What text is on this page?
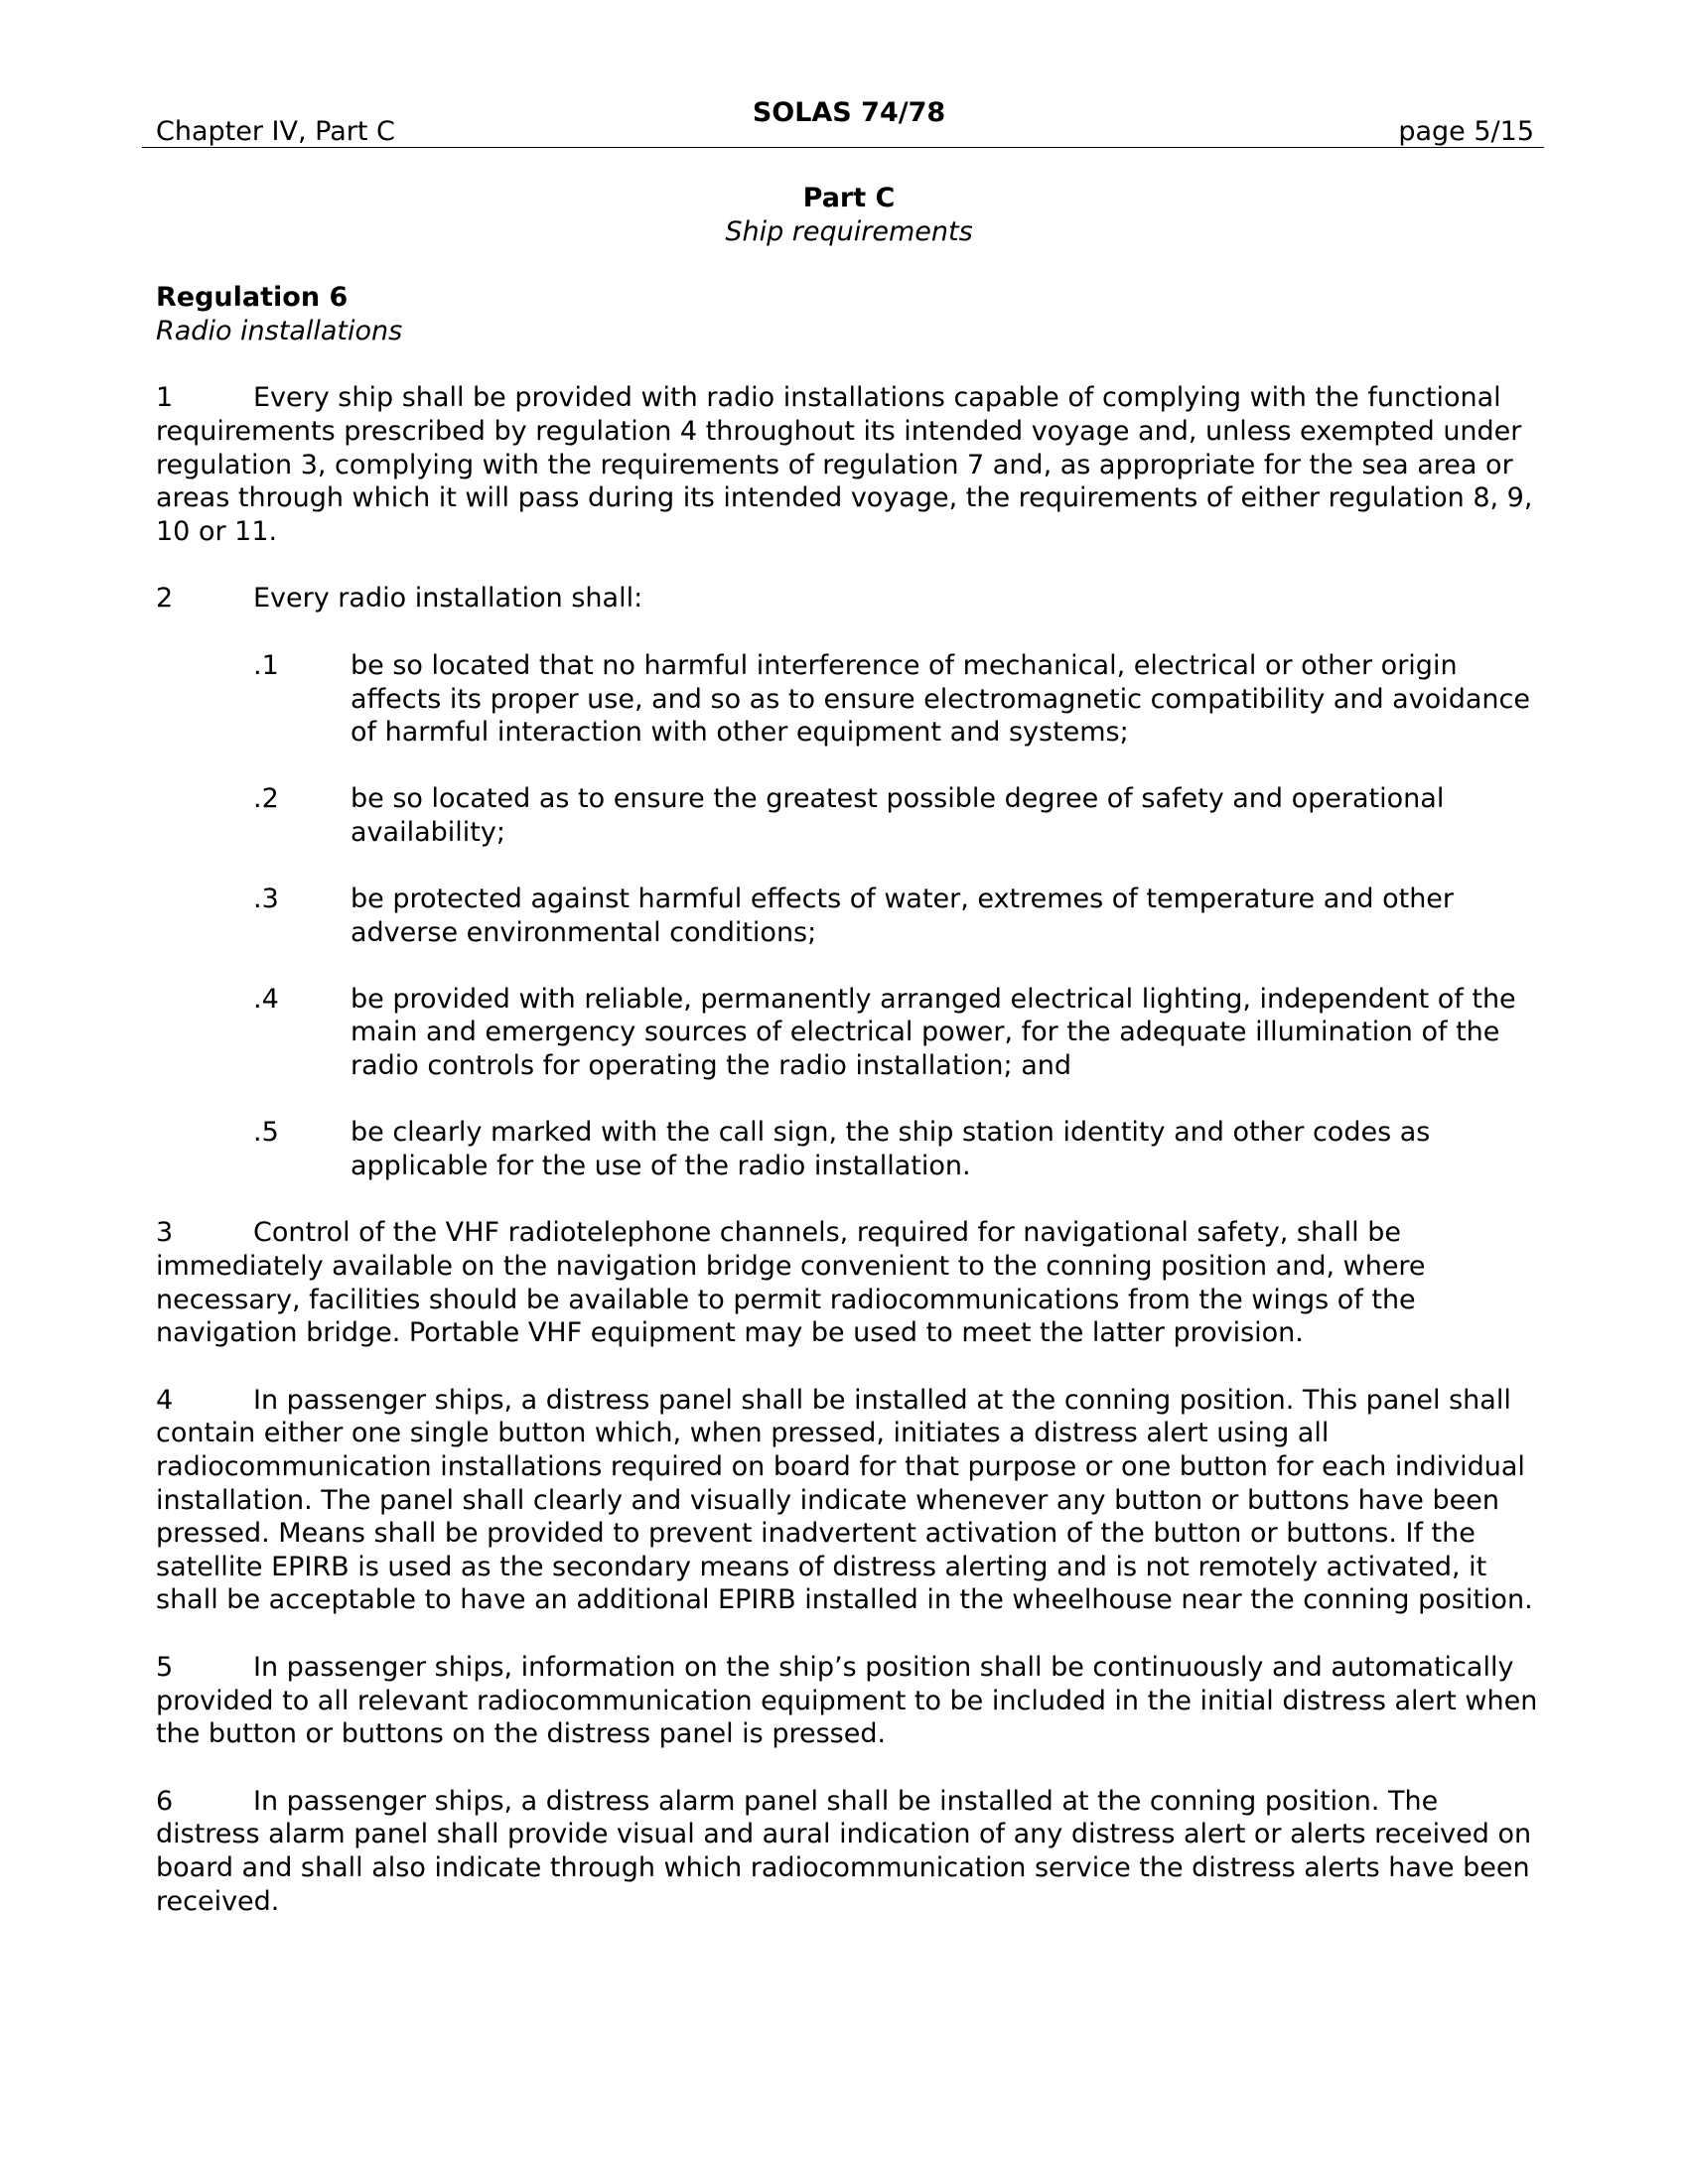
Chapter IV, Part C
SOLAS 74/78
page 5/15
Part C
Ship requirements
Regulation 6
Radio installations
1	Every ship shall be provided with radio installations capable of complying with the functional requirements prescribed by regulation 4 throughout its intended voyage and, unless exempted under regulation 3, complying with the requirements of regulation 7 and, as appropriate for the sea area or areas through which it will pass during its intended voyage, the requirements of either regulation 8, 9, 10 or 11.
2	Every radio installation shall:
.1	be so located that no harmful interference of mechanical, electrical or other origin affects its proper use, and so as to ensure electromagnetic compatibility and avoidance of harmful interaction with other equipment and systems;
.2	be so located as to ensure the greatest possible degree of safety and operational availability;
.3	be protected against harmful effects of water, extremes of temperature and other adverse environmental conditions;
.4	be provided with reliable, permanently arranged electrical lighting, independent of the main and emergency sources of electrical power, for the adequate illumination of the radio controls for operating the radio installation; and
.5	be clearly marked with the call sign, the ship station identity and other codes as applicable for the use of the radio installation.
3	Control of the VHF radiotelephone channels, required for navigational safety, shall be immediately available on the navigation bridge convenient to the conning position and, where necessary, facilities should be available to permit radiocommunications from the wings of the navigation bridge. Portable VHF equipment may be used to meet the latter provision.
4	In passenger ships, a distress panel shall be installed at the conning position. This panel shall contain either one single button which, when pressed, initiates a distress alert using all radiocommunication installations required on board for that purpose or one button for each individual installation. The panel shall clearly and visually indicate whenever any button or buttons have been pressed. Means shall be provided to prevent inadvertent activation of the button or buttons. If the satellite EPIRB is used as the secondary means of distress alerting and is not remotely activated, it shall be acceptable to have an additional EPIRB installed in the wheelhouse near the conning position.
5	In passenger ships, information on the ship’s position shall be continuously and automatically provided to all relevant radiocommunication equipment to be included in the initial distress alert when the button or buttons on the distress panel is pressed.
6	In passenger ships, a distress alarm panel shall be installed at the conning position. The distress alarm panel shall provide visual and aural indication of any distress alert or alerts received on board and shall also indicate through which radiocommunication service the distress alerts have been received.
